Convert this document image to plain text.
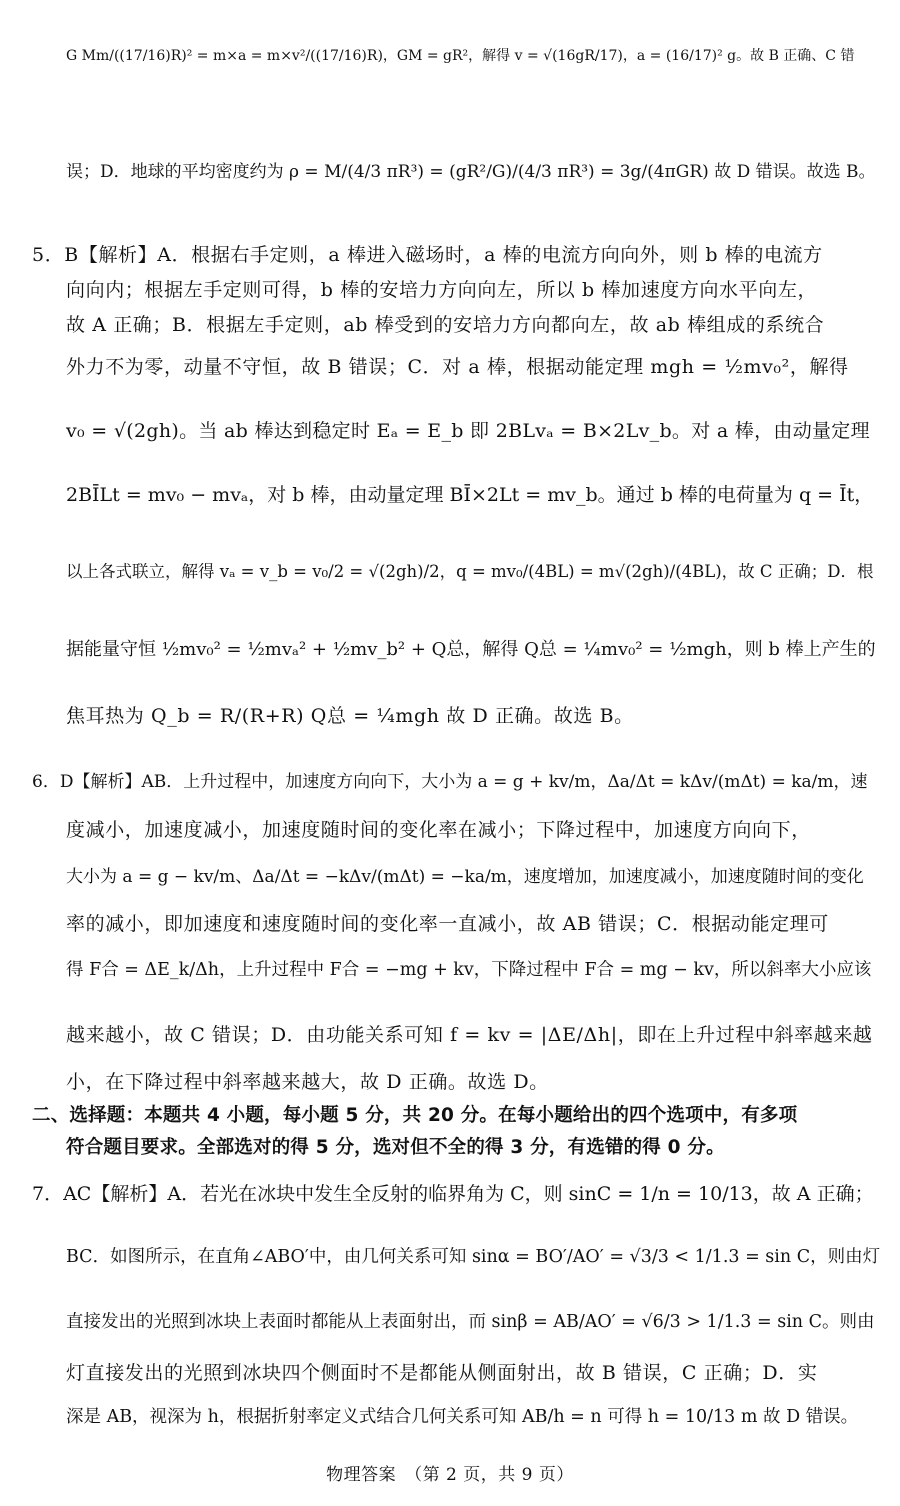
G Mm/((17/16)R)² = m×a = m×v²/((17/16)R)，GM = gR²，解得 v = √(16gR/17)，a = (16/17)² g。故 B 正确、C 错
误；D．地球的平均密度约为 ρ = M/(4/3 πR³) = (gR²/G)/(4/3 πR³) = 3g/(4πGR) 故 D 错误。故选 B。
5．B【解析】A．根据右手定则，a 棒进入磁场时，a 棒的电流方向向外，则 b 棒的电流方
向向内；根据左手定则可得，b 棒的安培力方向向左，所以 b 棒加速度方向水平向左，
故 A 正确；B．根据左手定则，ab 棒受到的安培力方向都向左，故 ab 棒组成的系统合
外力不为零，动量不守恒，故 B 错误；C．对 a 棒，根据动能定理 mgh = ½mv₀²，解得
v₀ = √(2gh)。当 ab 棒达到稳定时 Eₐ = E_b 即 2BLvₐ = B×2Lv_b。对 a 棒，由动量定理
2BĪLt = mv₀ − mvₐ，对 b 棒，由动量定理 BĪ×2Lt = mv_b。通过 b 棒的电荷量为 q = Īt，
以上各式联立，解得 vₐ = v_b = v₀/2 = √(2gh)/2，q = mv₀/(4BL) = m√(2gh)/(4BL)，故 C 正确；D．根
据能量守恒 ½mv₀² = ½mvₐ² + ½mv_b² + Q总，解得 Q总 = ¼mv₀² = ½mgh，则 b 棒上产生的
焦耳热为 Q_b = R/(R+R) Q总 = ¼mgh 故 D 正确。故选 B。
6．D【解析】AB．上升过程中，加速度方向向下，大小为 a = g + kv/m，Δa/Δt = kΔv/(mΔt) = ka/m，速
度减小，加速度减小，加速度随时间的变化率在减小；下降过程中，加速度方向向下，
大小为 a = g − kv/m、Δa/Δt = −kΔv/(mΔt) = −ka/m，速度增加，加速度减小，加速度随时间的变化
率的减小，即加速度和速度随时间的变化率一直减小，故 AB 错误；C．根据动能定理可
得 F合 = ΔE_k/Δh，上升过程中 F合 = −mg + kv，下降过程中 F合 = mg − kv，所以斜率大小应该
越来越小，故 C 错误；D．由功能关系可知 f = kv = |ΔE/Δh|，即在上升过程中斜率越来越
小，在下降过程中斜率越来越大，故 D 正确。故选 D。
二、选择题：本题共 4 小题，每小题 5 分，共 20 分。在每小题给出的四个选项中，有多项
符合题目要求。全部选对的得 5 分，选对但不全的得 3 分，有选错的得 0 分。
7．AC【解析】A．若光在冰块中发生全反射的临界角为 C，则 sinC = 1/n = 10/13，故 A 正确；
BC．如图所示，在直角∠ABO′中，由几何关系可知 sinα = BO′/AO′ = √3/3 < 1/1.3 = sin C，则由灯
直接发出的光照到冰块上表面时都能从上表面射出，而 sinβ = AB/AO′ = √6/3 > 1/1.3 = sin C。则由
灯直接发出的光照到冰块四个侧面时不是都能从侧面射出，故 B 错误，C 正确；D．实
深是 AB，视深为 h，根据折射率定义式结合几何关系可知 AB/h = n 可得 h = 10/13 m 故 D 错误。
物理答案　（第 2 页，共 9 页）
